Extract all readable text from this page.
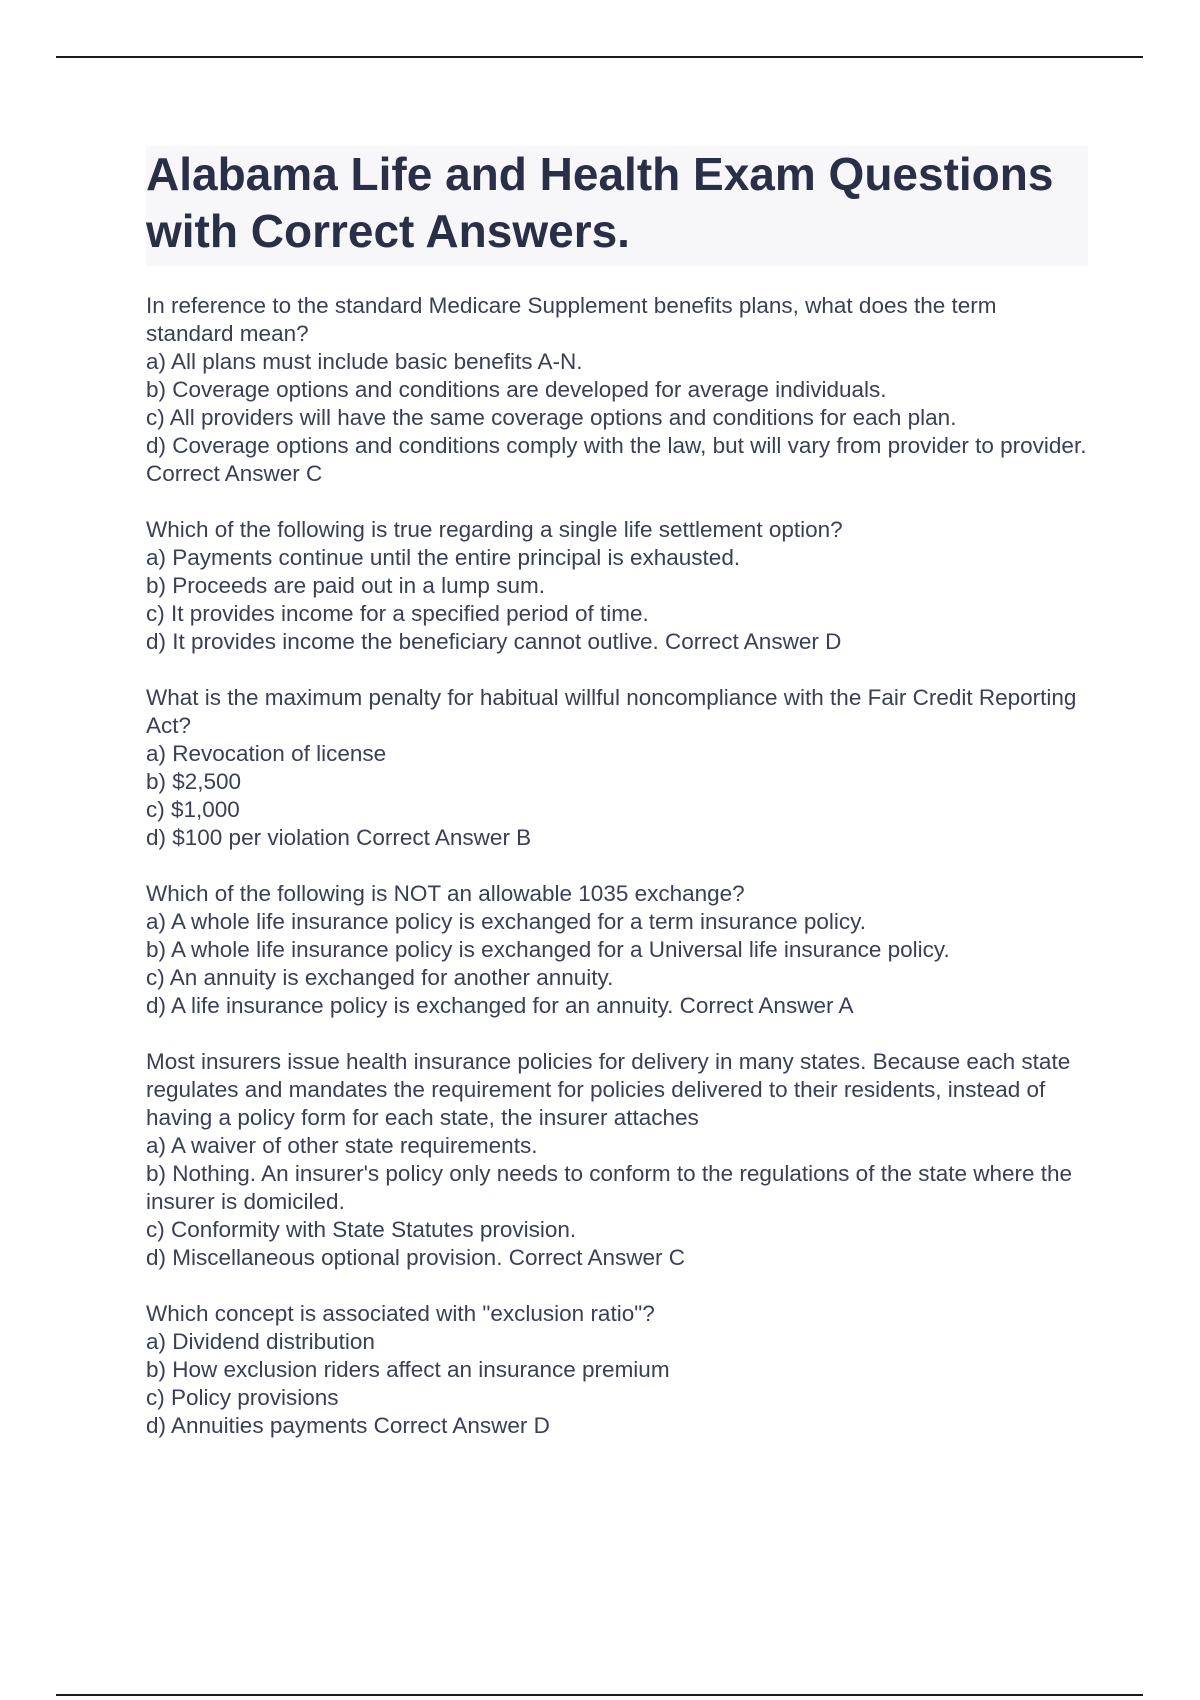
Alabama Life and Health Exam Questions with Correct Answers.
In reference to the standard Medicare Supplement benefits plans, what does the term standard mean?
a) All plans must include basic benefits A-N.
b) Coverage options and conditions are developed for average individuals.
c) All providers will have the same coverage options and conditions for each plan.
d) Coverage options and conditions comply with the law, but will vary from provider to provider. Correct Answer C
Which of the following is true regarding a single life settlement option?
a) Payments continue until the entire principal is exhausted.
b) Proceeds are paid out in a lump sum.
c) It provides income for a specified period of time.
d) It provides income the beneficiary cannot outlive. Correct Answer D
What is the maximum penalty for habitual willful noncompliance with the Fair Credit Reporting Act?
a) Revocation of license
b) $2,500
c) $1,000
d) $100 per violation Correct Answer B
Which of the following is NOT an allowable 1035 exchange?
a) A whole life insurance policy is exchanged for a term insurance policy.
b) A whole life insurance policy is exchanged for a Universal life insurance policy.
c) An annuity is exchanged for another annuity.
d) A life insurance policy is exchanged for an annuity. Correct Answer A
Most insurers issue health insurance policies for delivery in many states. Because each state regulates and mandates the requirement for policies delivered to their residents, instead of having a policy form for each state, the insurer attaches
a) A waiver of other state requirements.
b) Nothing. An insurer's policy only needs to conform to the regulations of the state where the insurer is domiciled.
c) Conformity with State Statutes provision.
d) Miscellaneous optional provision. Correct Answer C
Which concept is associated with "exclusion ratio"?
a) Dividend distribution
b) How exclusion riders affect an insurance premium
c) Policy provisions
d) Annuities payments Correct Answer D
